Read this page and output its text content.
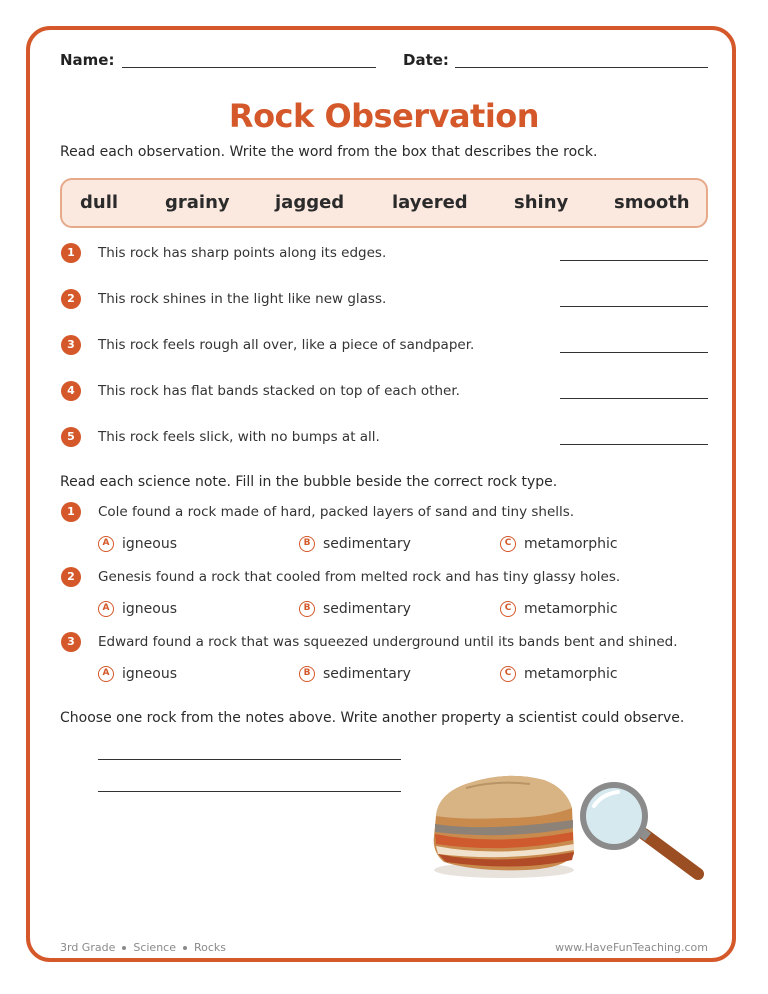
Name:	Date:
Rock Observation
Read each observation. Write the word from the box that describes the rock.
dull	grainy	jagged	layered	shiny	smooth
1	This rock has sharp points along its edges.
2	This rock shines in the light like new glass.
3	This rock feels rough all over, like a piece of sandpaper.
4	This rock has flat bands stacked on top of each other.
5	This rock feels slick, with no bumps at all.
Read each science note. Fill in the bubble beside the correct rock type.
1	Cole found a rock made of hard, packed layers of sand and tiny shells.
A igneous	B sedimentary	C metamorphic
2	Genesis found a rock that cooled from melted rock and has tiny glassy holes.
A igneous	B sedimentary	C metamorphic
3	Edward found a rock that was squeezed underground until its bands bent and shined.
A igneous	B sedimentary	C metamorphic
Choose one rock from the notes above. Write another property a scientist could observe.
3rd Grade Science Rocks	www.HaveFunTeaching.com
